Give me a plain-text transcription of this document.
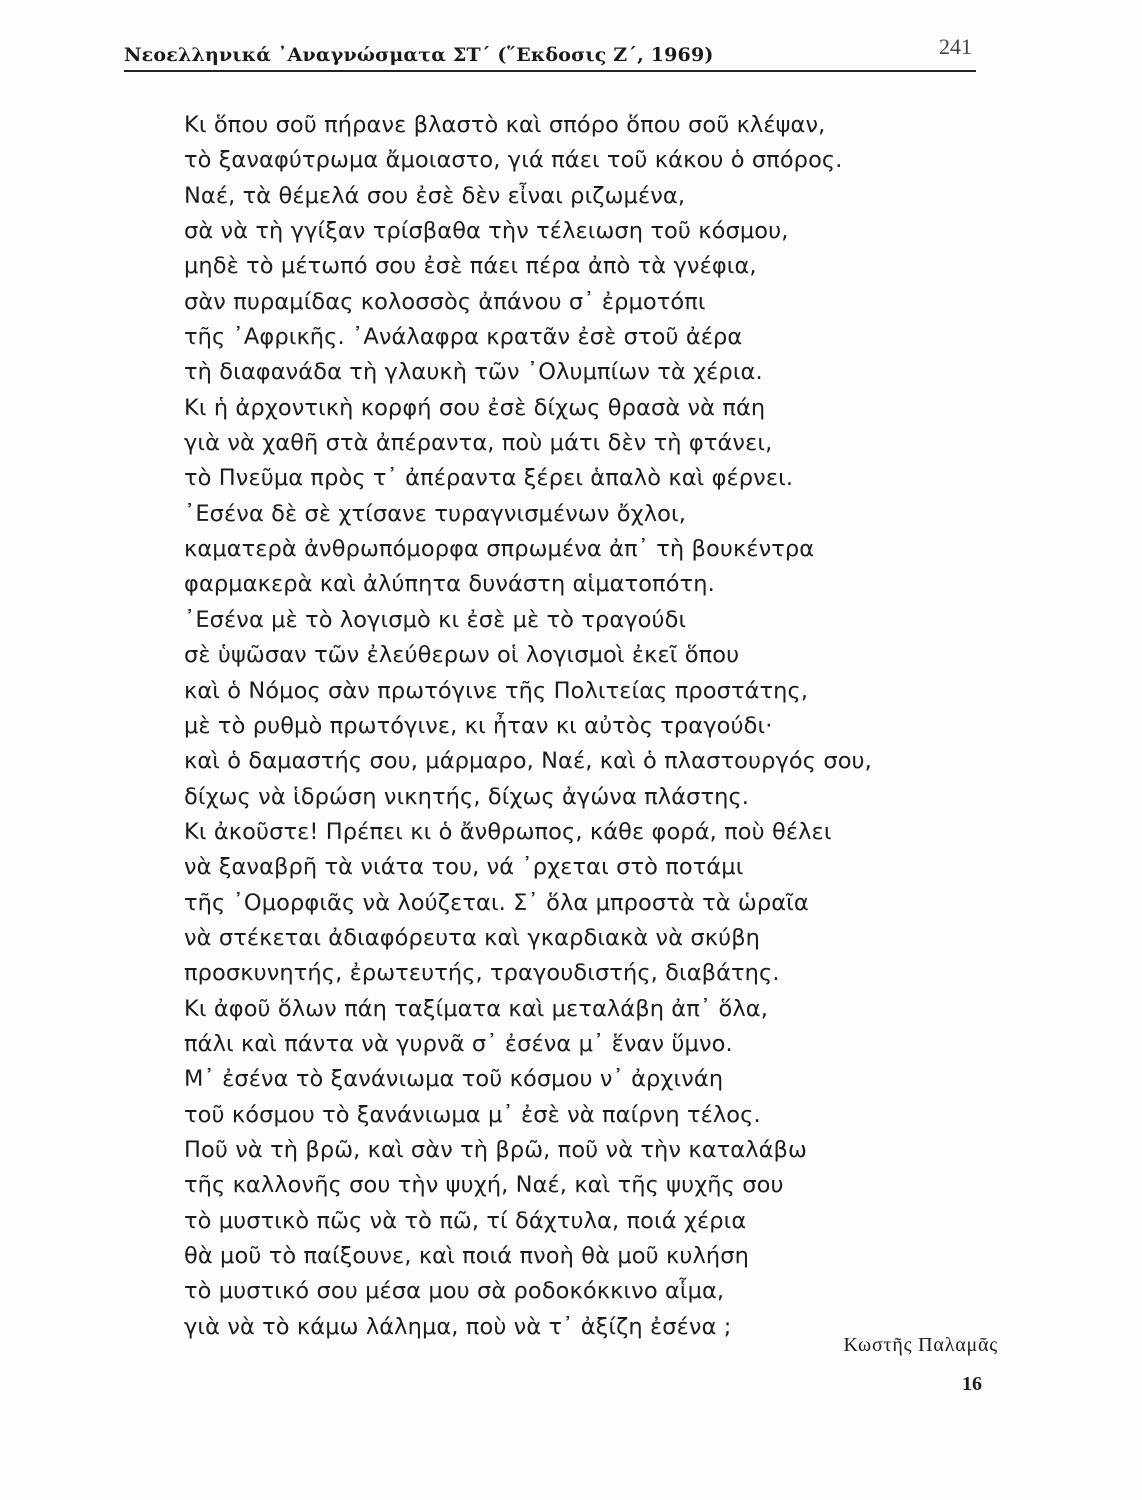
Νεοελληνικά ᾿Αναγνώσματα ΣΤ΄ (῞Εκδοσις Ζ΄, 1969)	241
Κι ὅπου σοῦ πήρανε βλαστὸ καὶ σπόρο ὅπου σοῦ κλέψαν,
τὸ ξαναφύτρωμα ἄμοιαστο, γιά πάει τοῦ κάκου ὁ σπόρος.
Ναέ, τὰ θέμελά σου ἐσὲ δὲν εἶναι ριζωμένα,
σὰ νὰ τὴ γγίξαν τρίσβαθα τὴν τέλειωση τοῦ κόσμου,
μηδὲ τὸ μέτωπό σου ἐσὲ πάει πέρα ἀπὸ τὰ γνέφια,
σὰν πυραμίδας κολοσσὸς ἀπάνου σ᾿ ἐρμοτόπι
τῆς ᾿Αφρικῆς. ᾿Ανάλαφρα κρατᾶν ἐσὲ στοῦ ἀέρα
τὴ διαφανάδα τὴ γλαυκὴ τῶν ᾿Ολυμπίων τὰ χέρια.
Κι ἡ ἀρχοντικὴ κορφή σου ἐσὲ δίχως θρασὰ νὰ πάη
γιὰ νὰ χαθῆ στὰ ἀπέραντα, ποὺ μάτι δὲν τὴ φτάνει,
τὸ Πνεῦμα πρὸς τ᾿ ἀπέραντα ξέρει ἁπαλὸ καὶ φέρνει.
᾿Εσένα δὲ σὲ χτίσανε τυραγνισμένων ὄχλοι,
καματερὰ ἀνθρωπόμορφα σπρωμένα ἀπ᾿ τὴ βουκέντρα
φαρμακερὰ καὶ ἀλύπητα δυνάστη αἱματοπότη.
᾿Εσένα μὲ τὸ λογισμὸ κι ἐσὲ μὲ τὸ τραγούδι
σὲ ὑψῶσαν τῶν ἐλεύθερων οἱ λογισμοὶ ἐκεῖ ὅπου
καὶ ὁ Νόμος σὰν πρωτόγινε τῆς Πολιτείας προστάτης,
μὲ τὸ ρυθμὸ πρωτόγινε, κι ἦταν κι αὐτὸς τραγούδι·
καὶ ὁ δαμαστής σου, μάρμαρο, Ναέ, καὶ ὁ πλαστουργός σου,
δίχως νὰ ἱδρώση νικητής, δίχως ἀγώνα πλάστης.
Κι ἀκοῦστε! Πρέπει κι ὁ ἄνθρωπος, κάθε φορά, ποὺ θέλει
νὰ ξαναβρῆ τὰ νιάτα του, νά ᾿ρχεται στὸ ποτάμι
τῆς ᾿Ομορφιᾶς νὰ λούζεται. Σ᾿ ὅλα μπροστὰ τὰ ὡραῖα
νὰ στέκεται ἀδιαφόρευτα καὶ γκαρδιακὰ νὰ σκύβη
προσκυνητής, ἐρωτευτής, τραγουδιστής, διαβάτης.
Κι ἀφοῦ ὅλων πάη ταξίματα καὶ μεταλάβη ἀπ᾿ ὅλα,
πάλι καὶ πάντα νὰ γυρνᾶ σ᾿ ἐσένα μ᾿ ἕναν ὕμνο.
Μ᾿ ἐσένα τὸ ξανάνιωμα τοῦ κόσμου ν᾿ ἀρχινάη
τοῦ κόσμου τὸ ξανάνιωμα μ᾿ ἐσὲ νὰ παίρνη τέλος.
Ποῦ νὰ τὴ βρῶ, καὶ σὰν τὴ βρῶ, ποῦ νὰ τὴν καταλάβω
τῆς καλλονῆς σου τὴν ψυχή, Ναέ, καὶ τῆς ψυχῆς σου
τὸ μυστικὸ πῶς νὰ τὸ πῶ, τί δάχτυλα, ποιά χέρια
θὰ μοῦ τὸ παίξουνε, καὶ ποιά πνοὴ θὰ μοῦ κυλήση
τὸ μυστικό σου μέσα μου σὰ ροδοκόκκινο αἷμα,
γιὰ νὰ τὸ κάμω λάλημα, ποὺ νὰ τ᾿ ἀξίζη ἐσένα ;
Κωστῆς Παλαμᾶς
16
